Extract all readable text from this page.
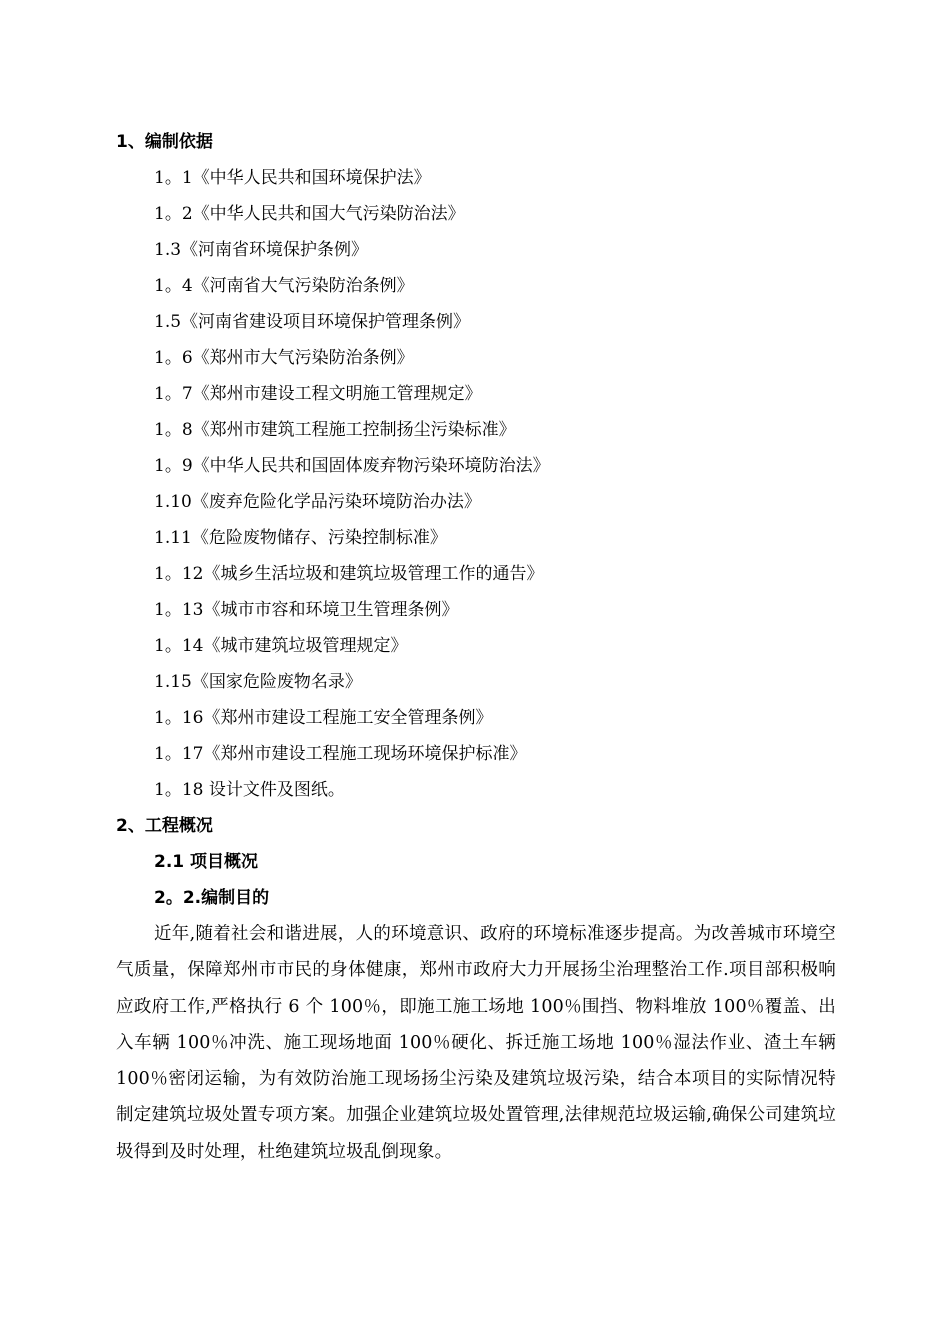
1、编制依据
1。1《中华人民共和国环境保护法》
1。2《中华人民共和国大气污染防治法》
1.3《河南省环境保护条例》
1。4《河南省大气污染防治条例》
1.5《河南省建设项目环境保护管理条例》
1。6《郑州市大气污染防治条例》
1。7《郑州市建设工程文明施工管理规定》
1。8《郑州市建筑工程施工控制扬尘污染标准》
1。9《中华人民共和国固体废弃物污染环境防治法》
1.10《废弃危险化学品污染环境防治办法》
1.11《危险废物储存、污染控制标准》
1。12《城乡生活垃圾和建筑垃圾管理工作的通告》
1。13《城市市容和环境卫生管理条例》
1。14《城市建筑垃圾管理规定》
1.15《国家危险废物名录》
1。16《郑州市建设工程施工安全管理条例》
1。17《郑州市建设工程施工现场环境保护标准》
1。18 设计文件及图纸。
2、工程概况
2.1 项目概况
2。2.编制目的

近年,随着社会和谐进展，人的环境意识、政府的环境标准逐步提高。为改善城市环境空气质量，保障郑州市市民的身体健康，郑州市政府大力开展扬尘治理整治工作.项目部积极响应政府工作,严格执行 6 个 100％，即施工施工场地 100％围挡、物料堆放 100％覆盖、出入车辆 100％冲洗、施工现场地面 100％硬化、拆迁施工场地 100％湿法作业、渣土车辆 100％密闭运输，为有效防治施工现场扬尘污染及建筑垃圾污染，结合本项目的实际情况特制定建筑垃圾处置专项方案。加强企业建筑垃圾处置管理,法律规范垃圾运输,确保公司建筑垃圾得到及时处理，杜绝建筑垃圾乱倒现象。
